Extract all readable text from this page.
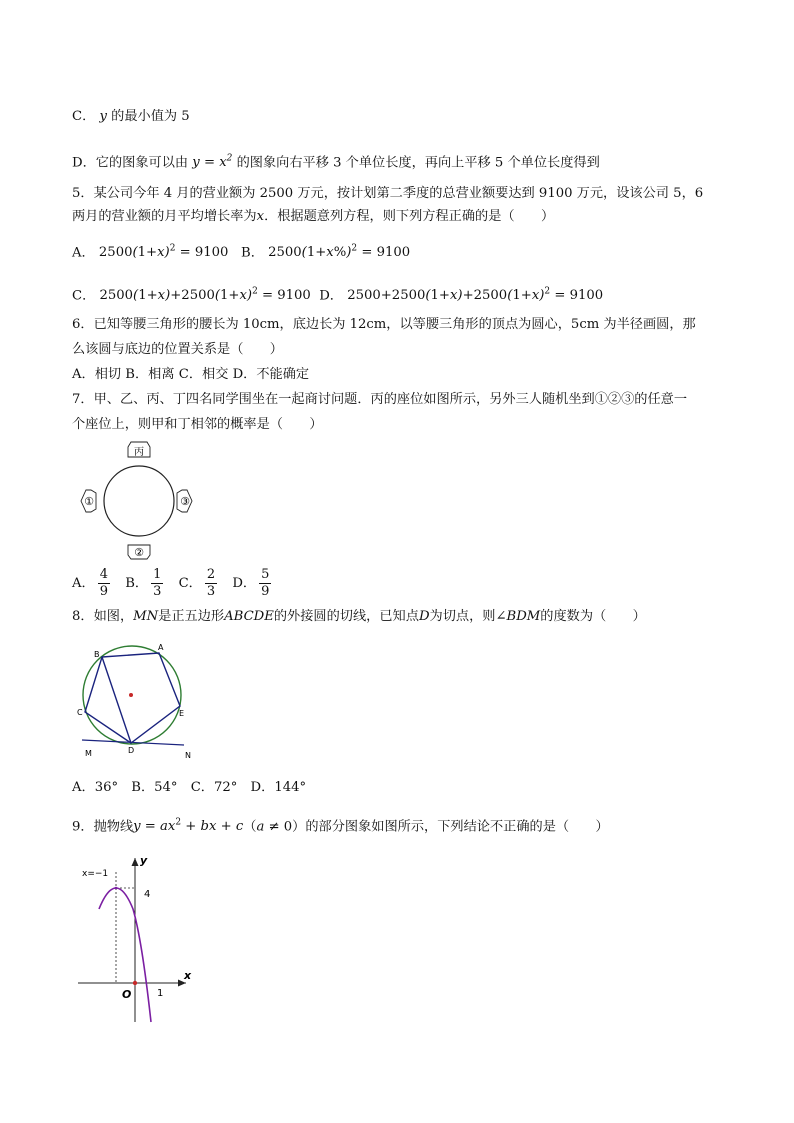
C． y 的最小值为 5
D．它的图象可以由 $y = x^2$ 的图象向右平移 3 个单位长度，再向上平移 5 个单位长度得到
5．某公司今年 4 月的营业额为 2500 万元，按计划第二季度的总营业额要达到 9100 万元，设该公司 5，6
两月的营业额的月平均增长率为x．根据题意列方程，则下列方程正确的是（　　）
A． $2500(1+x)^2 = 9100$ B． $2500(1+x\%)^2 = 9100$
C． $2500(1+x)+2500(1+x)^2 = 9100$ D． $2500+2500(1+x)+2500(1+x)^2 = 9100$
6．已知等腰三角形的腰长为 10cm，底边长为 12cm，以等腰三角形的顶点为圆心，5cm 为半径画圆，那
么该圆与底边的位置关系是（　　）
A．相切 B．相离 C．相交 D．不能确定
7．甲、乙、丙、丁四名同学围坐在一起商讨问题．丙的座位如图所示，另外三人随机坐到①②③的任意一
个座位上，则甲和丁相邻的概率是（　　）
丙
①	③
②
A． $\frac{4}{9}$ B． $\frac{1}{3}$ C． $\frac{2}{3}$ D． $\frac{5}{9}$
8．如图，MN是正五边形ABCDE的外接圆的切线，已知点D为切点，则∠BDM的度数为（　　）
B
A
C	E
D
M	N
A．36°　B．54°　C．72°　D．144°
9．抛物线$y = ax^2$ + bx + c（a ≠ 0）的部分图象如图所示，下列结论不正确的是（　　）
x=−1
y
x
O
4
1
